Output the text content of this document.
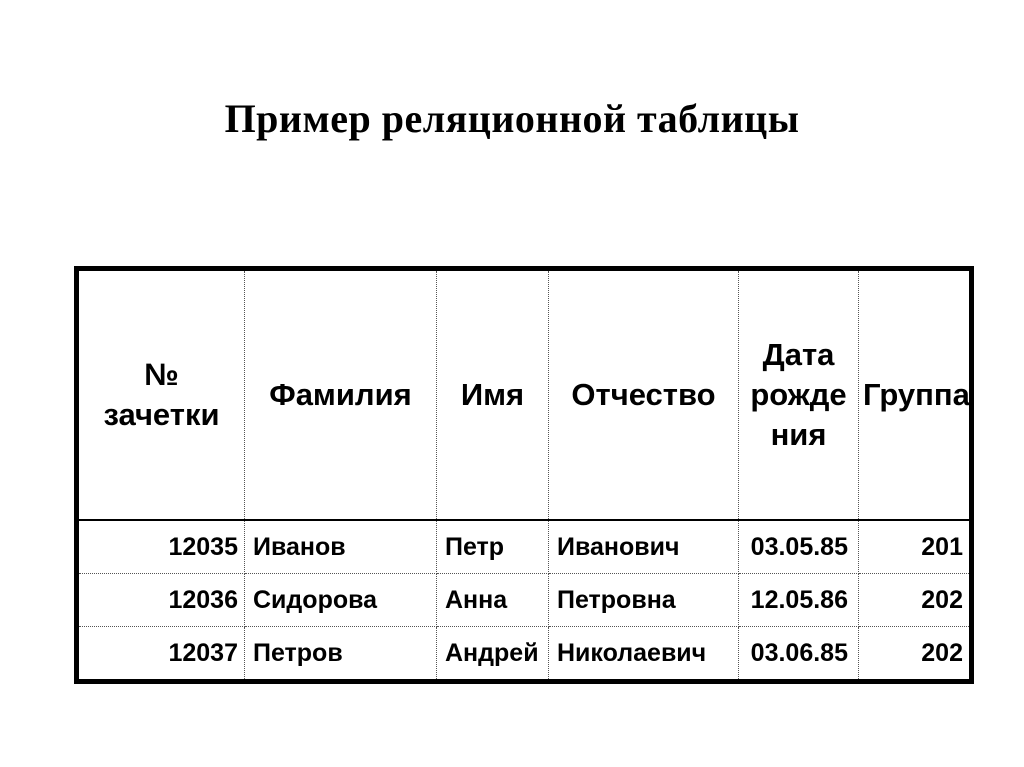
Пример реляционной таблицы
№ зачетки	Фамилия	Имя	Отчество	Дата рожде ния	Группа
12035	Иванов	Петр	Иванович	03.05.85	201
12036	Сидорова	Анна	Петровна	12.05.86	202
12037	Петров	Андрей	Николаевич	03.06.85	202
